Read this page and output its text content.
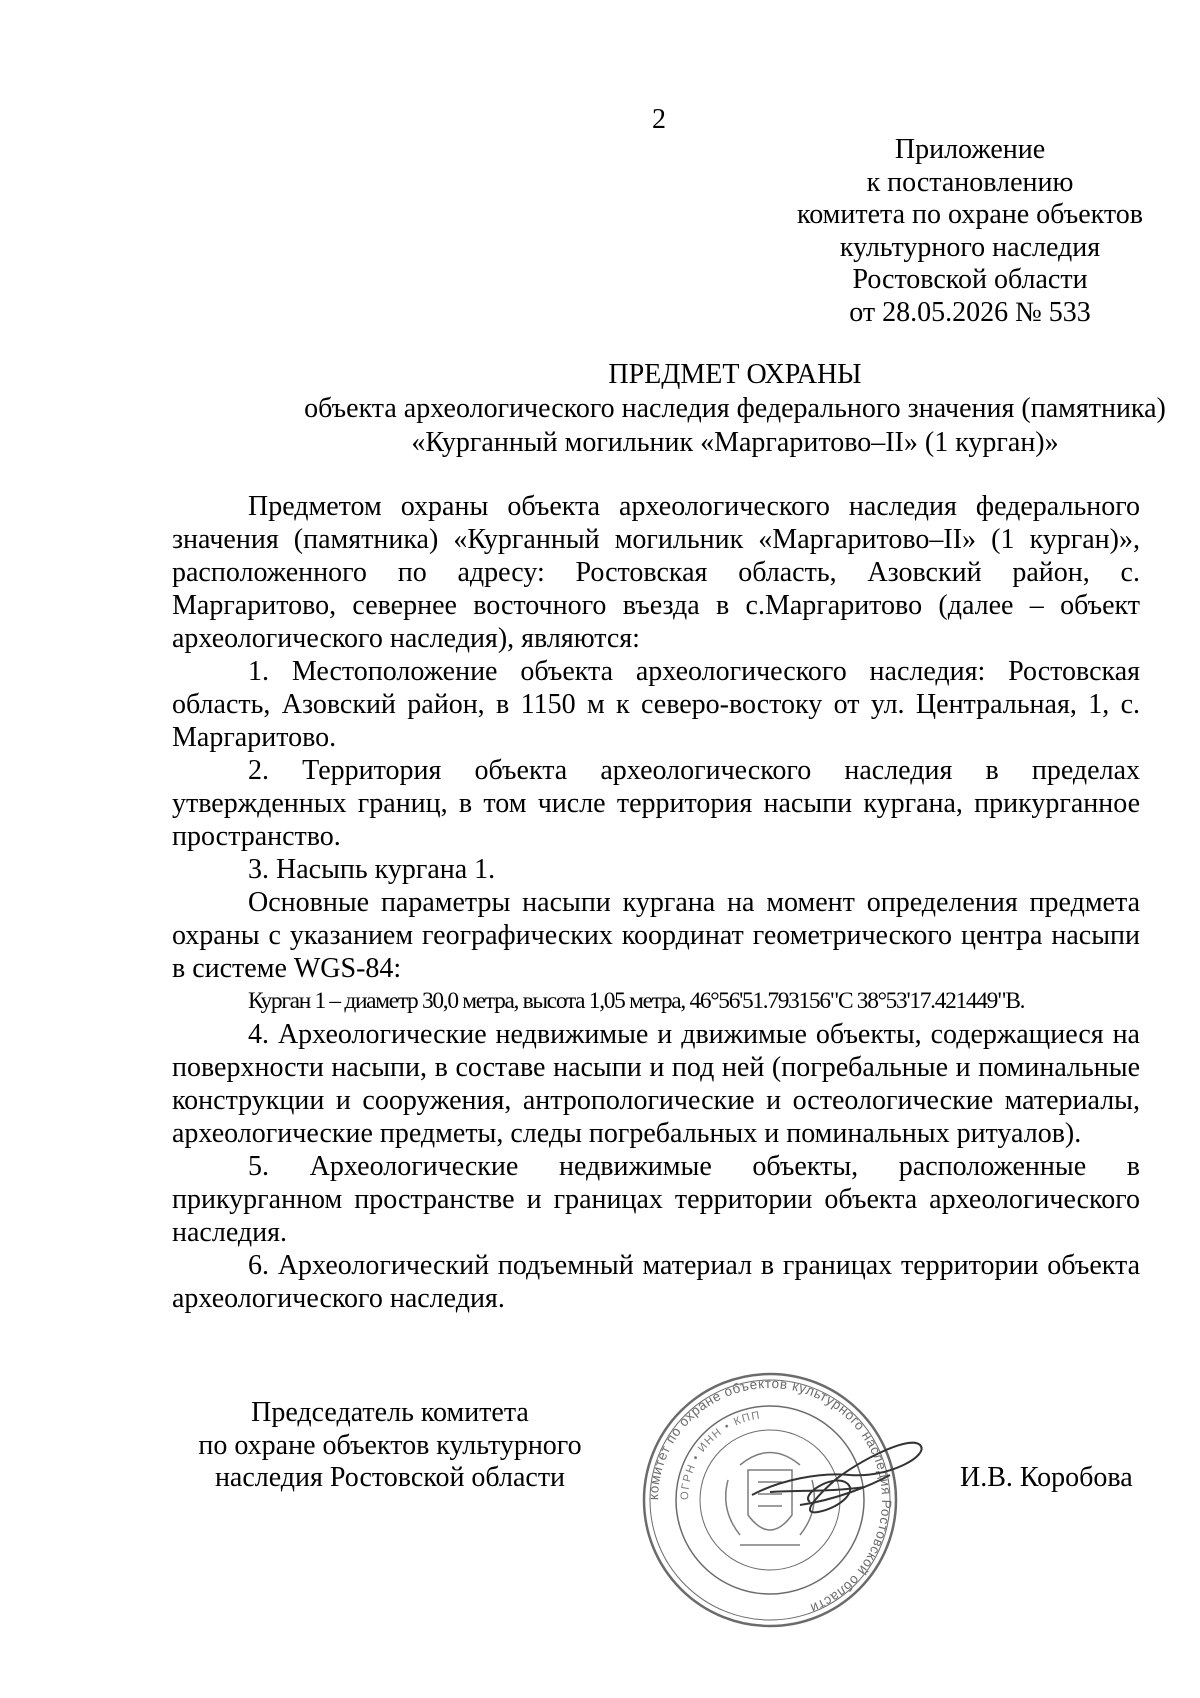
2
Приложение
к постановлению
комитета по охране объектов
культурного наследия
Ростовской области
от 28.05.2026 № 533
ПРЕДМЕТ ОХРАНЫ
объекта археологического наследия федерального значения (памятника)
«Курганный могильник «Маргаритово–II» (1 курган)»

Предметом охраны объекта археологического наследия федерального значения (памятника) «Курганный могильник «Маргаритово–II» (1 курган)», расположенного по адресу: Ростовская область, Азовский район, с. Маргаритово, севернее восточного въезда в с.Маргаритово (далее – объект археологического наследия), являются:

1. Местоположение объекта археологического наследия: Ростовская область, Азовский район, в 1150 м к северо-востоку от ул. Центральная, 1, с. Маргаритово.

2. Территория объекта археологического наследия в пределах утвержденных границ, в том числе территория насыпи кургана, прикурганное пространство.

3. Насыпь кургана 1.

Основные параметры насыпи кургана на момент определения предмета охраны с указанием географических координат геометрического центра насыпи в системе WGS-84:

Курган 1 – диаметр 30,0 метра, высота 1,05 метра, 46°56'51.793156"С 38°53'17.421449"В.

4. Археологические недвижимые и движимые объекты, содержащиеся на поверхности насыпи, в составе насыпи и под ней (погребальные и поминальные конструкции и сооружения, антропологические и остеологические материалы, археологические предметы, следы погребальных и поминальных ритуалов).

5. Археологические недвижимые объекты, расположенные в прикурганном пространстве и границах территории объекта археологического наследия.

6. Археологический подъемный материал в границах территории объекта археологического наследия.

Председатель комитета
по охране объектов культурного
наследия Ростовской области
комитет по охране объектов культурного наследия Ростовской области
ОГРН • ИНН • КПП
И.В. Коробова
